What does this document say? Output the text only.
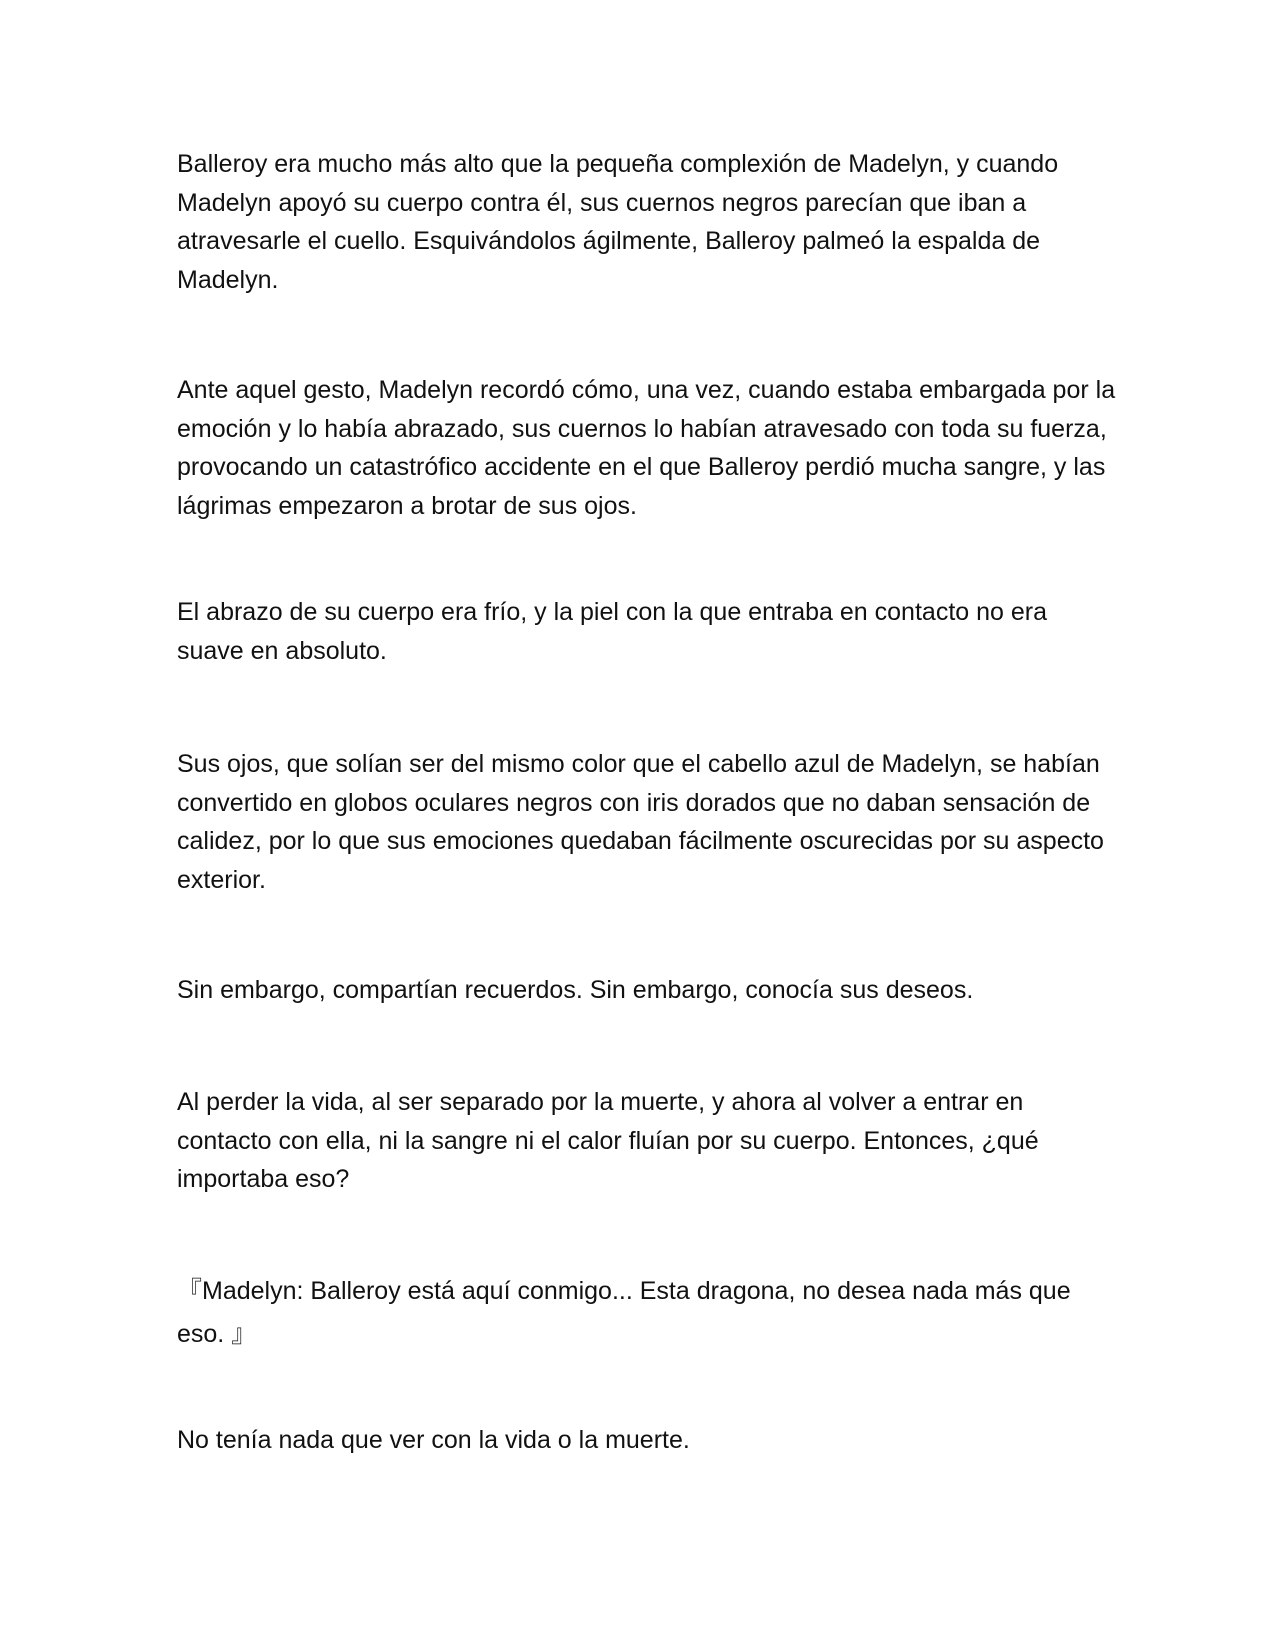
Balleroy era mucho más alto que la pequeña complexión de Madelyn, y cuando Madelyn apoyó su cuerpo contra él, sus cuernos negros parecían que iban a atravesarle el cuello. Esquivándolos ágilmente, Balleroy palmeó la espalda de Madelyn.

Ante aquel gesto, Madelyn recordó cómo, una vez, cuando estaba embargada por la emoción y lo había abrazado, sus cuernos lo habían atravesado con toda su fuerza, provocando un catastrófico accidente en el que Balleroy perdió mucha sangre, y las lágrimas empezaron a brotar de sus ojos.

El abrazo de su cuerpo era frío, y la piel con la que entraba en contacto no era suave en absoluto.

Sus ojos, que solían ser del mismo color que el cabello azul de Madelyn, se habían convertido en globos oculares negros con iris dorados que no daban sensación de calidez, por lo que sus emociones quedaban fácilmente oscurecidas por su aspecto exterior.

Sin embargo, compartían recuerdos. Sin embargo, conocía sus deseos.

Al perder la vida, al ser separado por la muerte, y ahora al volver a entrar en contacto con ella, ni la sangre ni el calor fluían por su cuerpo. Entonces, ¿qué importaba eso?

『Madelyn: Balleroy está aquí conmigo... Esta dragona, no desea nada más que eso. 』

No tenía nada que ver con la vida o la muerte.
